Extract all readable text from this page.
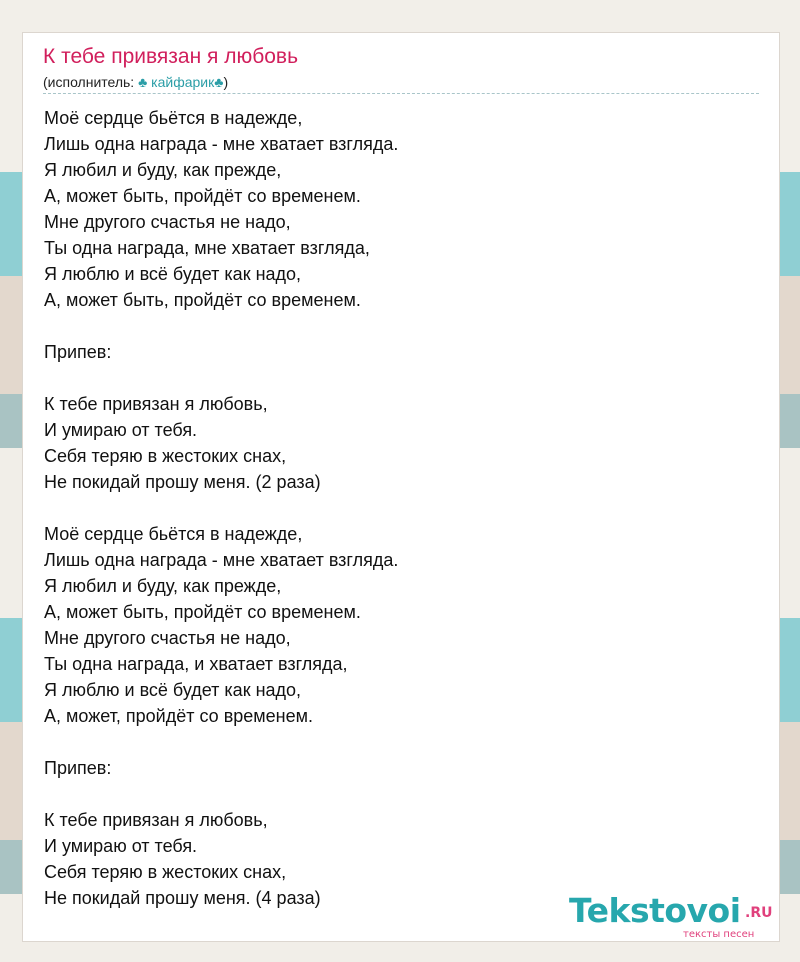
К тебе привязан я любовь
(исполнитель: ♣ кайфарик♣)
Моё сердце бьётся в надежде,
Лишь одна награда - мне хватает взгляда.
Я любил и буду, как прежде,
А, может быть, пройдёт со временем.
Мне другого счастья не надо,
Ты одна награда, мне хватает взгляда,
Я люблю и всё будет как надо,
А, может быть, пройдёт со временем.
Припев:
К тебе привязан я любовь,
И умираю от тебя.
Себя теряю в жестоких снах,
Не покидай прошу меня. (2 раза)
Моё сердце бьётся в надежде,
Лишь одна награда - мне хватает взгляда.
Я любил и буду, как прежде,
А, может быть, пройдёт со временем.
Мне другого счастья не надо,
Ты одна награда, и хватает взгляда,
Я люблю и всё будет как надо,
А, может, пройдёт со временем.
Припев:
К тебе привязан я любовь,
И умираю от тебя.
Себя теряю в жестоких снах,
Не покидай прошу меня. (4 раза)	Tekstovoi .RU
тексты песен
